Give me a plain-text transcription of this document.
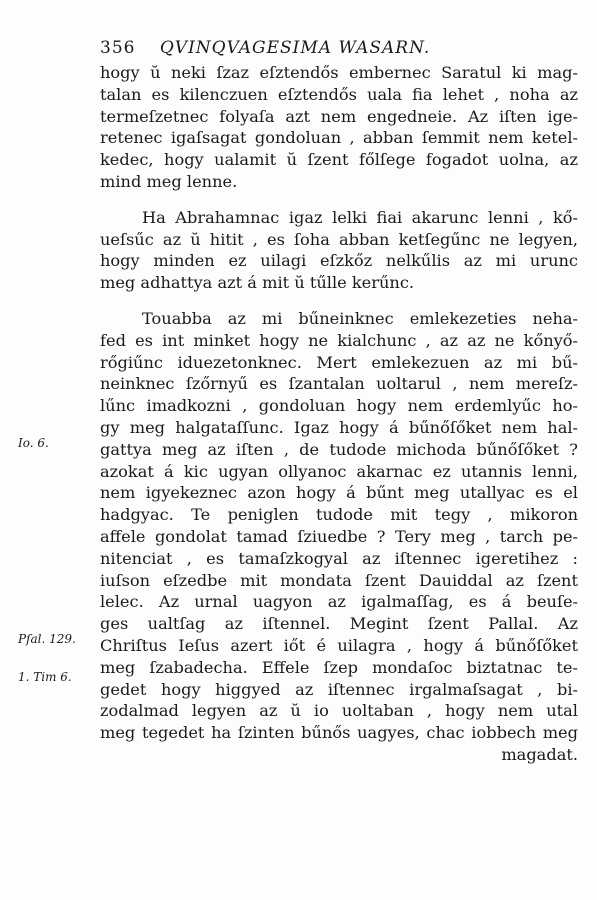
356 QVINQVAGESIMA WASARN.
hogy ŭ neki ſzaz eſztendős embernec Saratul ki mag-
talan es kilenczuen eſztendős uala fia lehet , noha az
termeſzetnec folyaſa azt nem engedneie. Az iſten ige-
retenec igaſsagat gondoluan , abban ſemmit nem ketel-
kedec, hogy ualamit ŭ ſzent főlſege fogadot uolna, az
mind meg lenne.
Ha Abrahamnac igaz lelki fiai akarunc lenni , kő-
ueſsűc az ŭ hitit , es ſoha abban ketſegűnc ne legyen,
hogy minden ez uilagi eſzkőz nelkűlis az mi urunc
meg adhattya azt á mit ŭ tűlle kerűnc.
Touabba az mi bűneinknec emlekezeties neha-
fed es int minket hogy ne kialchunc , az az ne kőnyő-
rőgiűnc iduezetonknec. Mert emlekezuen az mi bű-
neinknec ſzőrnyű es ſzantalan uoltarul , nem mereſz-
lűnc imadkozni , gondoluan hogy nem erdemlyűc ho-
gy meg halgataſſunc. Igaz hogy á bűnőſőket nem hal-
gattya meg az iſten , de tudode michoda bűnőſőket ?
azokat á kic ugyan ollyanoc akarnac ez utannis lenni,
nem igyekeznec azon hogy á bűnt meg utallyac es el
hadgyac. Te peniglen tudode mit tegy , mikoron
affele gondolat tamad ſziuedbe ? Tery meg , tarch pe-
nitenciat , es tamaſzkogyal az iſtennec igeretihez :
iuſson eſzedbe mit mondata ſzent Dauiddal az ſzent
lelec. Az urnal uagyon az igalmaſſag, es á beuſe-
ges ualtſag az iſtennel. Megint ſzent Pallal. Az
Chriſtus Ieſus azert iőt é uilagra , hogy á bűnőſőket
meg ſzabadecha. Effele ſzep mondaſoc biztatnac te-
gedet hogy higgyed az iſtennec irgalmaſsagat , bi-
zodalmad legyen az ŭ io uoltaban , hogy nem utal
meg tegedet ha ſzinten bűnős uagyes, chac iobbech meg
magadat.
Io. 6.
Pſal. 129.
1. Tim 6.
